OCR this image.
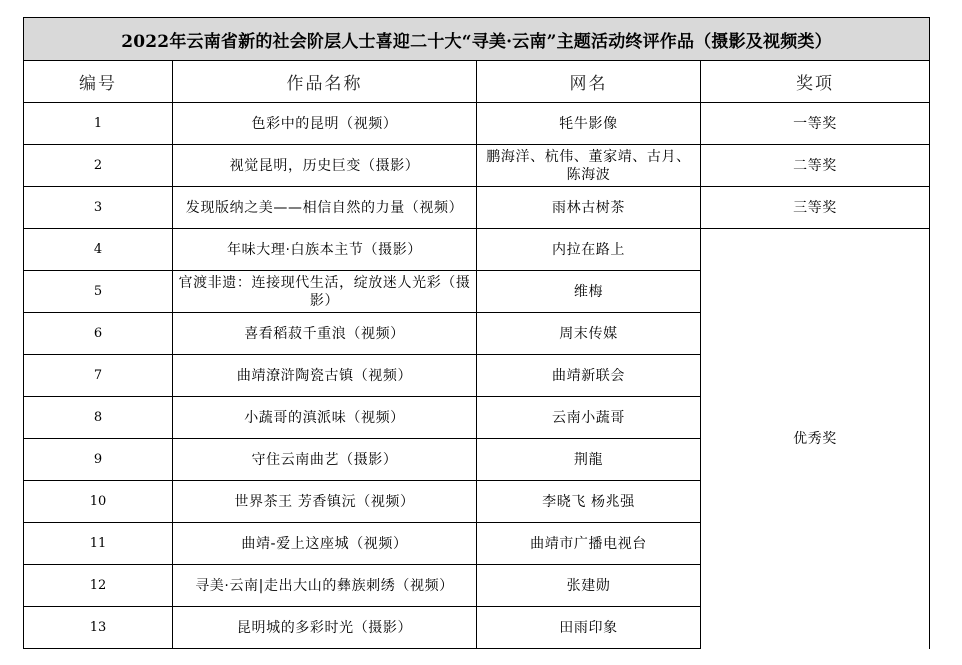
2022年云南省新的社会阶层人士喜迎二十大“寻美·云南”主题活动终评作品（摄影及视频类）			
编号	作品名称	网名	奖项
1	色彩中的昆明（视频）	牦牛影像	一等奖
2	视觉昆明，历史巨变（摄影）	鹏海洋、杭伟、董家靖、古月、陈海波	二等奖
3	发现版纳之美——相信自然的力量（视频）	雨林古树茶	三等奖
4	年味大理·白族本主节（摄影）	内拉在路上	优秀奖
5	官渡非遗：连接现代生活，绽放迷人光彩（摄影）	维梅	
6	喜看稻菽千重浪（视频）	周末传媒	
7	曲靖潦浒陶瓷古镇（视频）	曲靖新联会	
8	小蔬哥的滇派味（视频）	云南小蔬哥	
9	守住云南曲艺（摄影）	荆龍	
10	世界茶王 芳香镇沅（视频）	李晓飞 杨兆强	
11	曲靖-爱上这座城（视频）	曲靖市广播电视台	
12	寻美·云南|走出大山的彝族刺绣（视频）	张建勋	
13	昆明城的多彩时光（摄影）	田雨印象	
